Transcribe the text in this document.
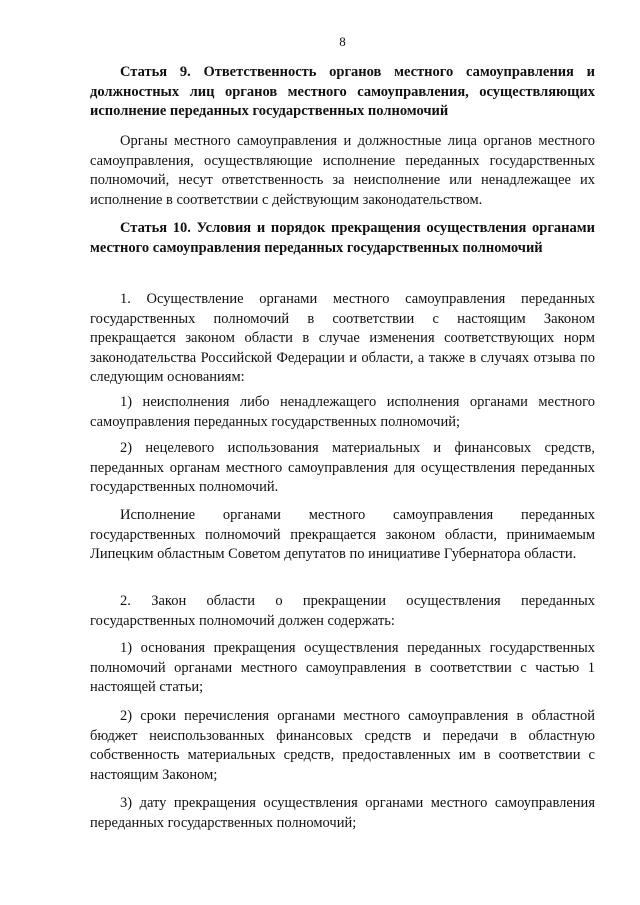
8
Статья 9. Ответственность органов местного самоуправления и должностных лиц органов местного самоуправления, осуществляющих исполнение переданных государственных полномочий
Органы местного самоуправления и должностные лица органов местного самоуправления, осуществляющие исполнение переданных государственных полномочий, несут ответственность за неисполнение или ненадлежащее их исполнение в соответствии с действующим законодательством.
Статья 10. Условия и порядок прекращения осуществления органами местного самоуправления переданных государственных полномочий
1. Осуществление органами местного самоуправления переданных государственных полномочий в соответствии с настоящим Законом прекращается законом области в случае изменения соответствующих норм законодательства Российской Федерации и области, а также в случаях отзыва по следующим основаниям:
1) неисполнения либо ненадлежащего исполнения органами местного самоуправления переданных государственных полномочий;
2) нецелевого использования материальных и финансовых средств, переданных органам местного самоуправления для осуществления переданных государственных полномочий.
Исполнение органами местного самоуправления переданных государственных полномочий прекращается законом области, принимаемым Липецким областным Советом депутатов по инициативе Губернатора области.
2. Закон области о прекращении осуществления переданных государственных полномочий должен содержать:
1) основания прекращения осуществления переданных государственных полномочий органами местного самоуправления в соответствии с частью 1 настоящей статьи;
2) сроки перечисления органами местного самоуправления в областной бюджет неиспользованных финансовых средств и передачи в областную собственность материальных средств, предоставленных им в соответствии с настоящим Законом;
3) дату прекращения осуществления органами местного самоуправления переданных государственных полномочий;
